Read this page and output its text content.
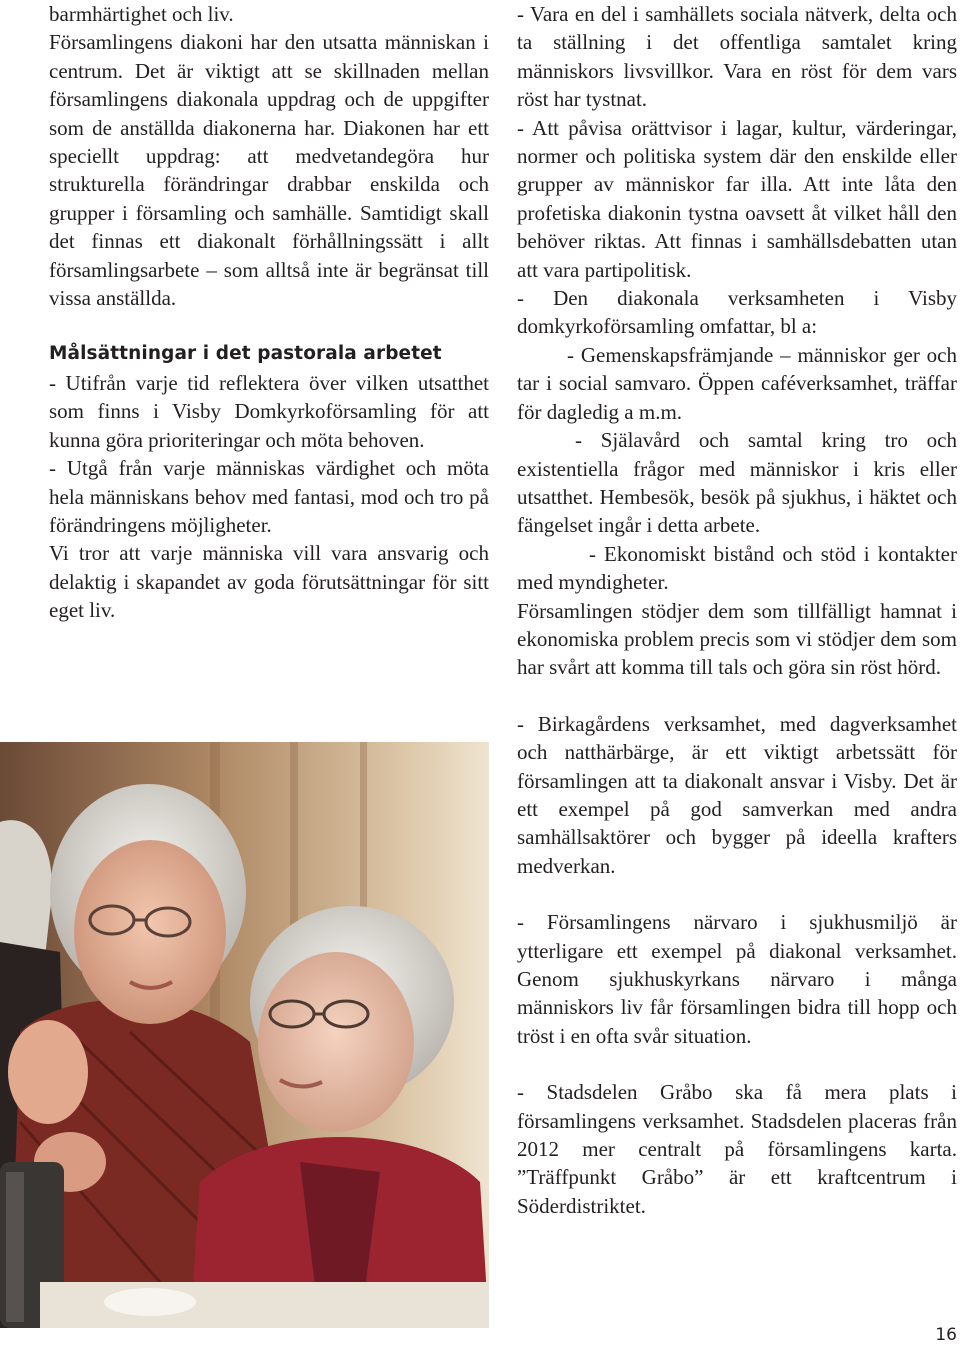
barmhärtighet och liv.

Församlingens diakoni har den utsatta människan i centrum. Det är viktigt att se skillnaden mellan församlingens diakonala uppdrag och de uppgifter som de anställda diakonerna har. Diakonen har ett speciellt uppdrag: att medvetandegöra hur strukturella förändringar drabbar enskilda och grupper i församling och samhälle. Samtidigt skall det finnas ett diakonalt förhållningssätt i allt församlingsarbete – som alltså inte är begränsat till vissa anställda.

Målsättningar i det pastorala arbetet

- Utifrån varje tid reflektera över vilken utsatthet som finns i Visby Domkyrkoförsamling för att kunna göra prioriteringar och möta behoven.

- Utgå från varje människas värdighet och möta hela människans behov med fantasi, mod och tro på förändringens möjligheter.

Vi tror att varje människa vill vara ansvarig och delaktig i skapandet av goda förutsättningar för sitt eget liv.

- Vara en del i samhällets sociala nätverk, delta och ta ställning i det offentliga samtalet kring människors livsvillkor. Vara en röst för dem vars röst har tystnat.

- Att påvisa orättvisor i lagar, kultur, värderingar, normer och politiska system där den enskilde eller grupper av människor far illa. Att inte låta den profetiska diakonin tystna oavsett åt vilket håll den behöver riktas. Att finnas i samhällsdebatten utan att vara partipolitisk.

- Den diakonala verksamheten i Visby domkyrkoförsamling omfattar, bl a:

- Gemenskapsfrämjande – människor ger och tar i social samvaro. Öppen caféverksamhet, träffar för dagledig a m.m.

- Själavård och samtal kring tro och existentiella frågor med människor i kris eller utsatthet. Hembesök, besök på sjukhus, i häktet och fängelset ingår i detta arbete.

- Ekonomiskt bistånd och stöd i kontakter med myndigheter.

Församlingen stödjer dem som tillfälligt hamnat i ekonomiska problem precis som vi stödjer dem som har svårt att komma till tals och göra sin röst hörd.

- Birkagårdens verksamhet, med dagverksamhet och natthärbärge, är ett viktigt arbetssätt för församlingen att ta diakonalt ansvar i Visby. Det är ett exempel på god samverkan med andra samhällsaktörer och bygger på ideella krafters medverkan.

- Församlingens närvaro i sjukhusmiljö är ytterligare ett exempel på diakonal verksamhet. Genom sjukhuskyrkans närvaro i många människors liv får församlingen bidra till hopp och tröst i en ofta svår situation.

- Stadsdelen Gråbo ska få mera plats i församlingens verksamhet. Stadsdelen placeras från 2012 mer centralt på församlingens karta. ”Träffpunkt Gråbo” är ett kraftcentrum i Söderdistriktet.

16
